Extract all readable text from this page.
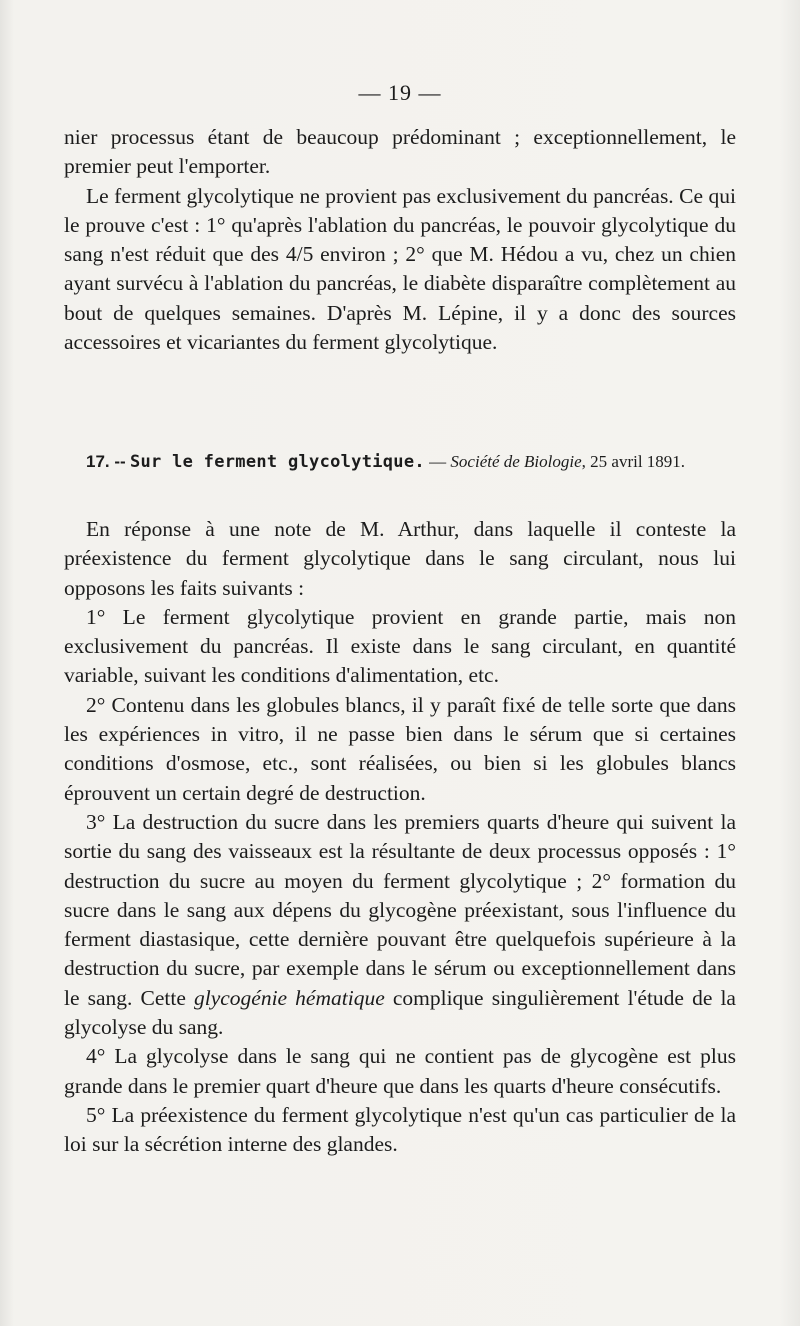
— 19 —

nier processus étant de beaucoup prédominant ; exceptionnellement, le premier peut l'emporter.

Le ferment glycolytique ne provient pas exclusivement du pancréas. Ce qui le prouve c'est : 1° qu'après l'ablation du pancréas, le pouvoir glycolytique du sang n'est réduit que des 4/5 environ ; 2° que M. Hédou a vu, chez un chien ayant survécu à l'ablation du pancréas, le diabète disparaître complètement au bout de quelques semaines. D'après M. Lépine, il y a donc des sources accessoires et vicariantes du ferment glycolytique.

17. -- Sur le ferment glycolytique. — Société de Biologie, 25 avril 1891.

En réponse à une note de M. Arthur, dans laquelle il conteste la préexistence du ferment glycolytique dans le sang circulant, nous lui opposons les faits suivants :

1° Le ferment glycolytique provient en grande partie, mais non exclusivement du pancréas. Il existe dans le sang circulant, en quantité variable, suivant les conditions d'alimentation, etc.

2° Contenu dans les globules blancs, il y paraît fixé de telle sorte que dans les expériences in vitro, il ne passe bien dans le sérum que si certaines conditions d'osmose, etc., sont réalisées, ou bien si les globules blancs éprouvent un certain degré de destruction.

3° La destruction du sucre dans les premiers quarts d'heure qui suivent la sortie du sang des vaisseaux est la résultante de deux processus opposés : 1° destruction du sucre au moyen du ferment glycolytique ; 2° formation du sucre dans le sang aux dépens du glycogène préexistant, sous l'influence du ferment diastasique, cette dernière pouvant être quelquefois supérieure à la destruction du sucre, par exemple dans le sérum ou exceptionnellement dans le sang. Cette glycogénie hématique complique singulièrement l'étude de la glycolyse du sang.

4° La glycolyse dans le sang qui ne contient pas de glycogène est plus grande dans le premier quart d'heure que dans les quarts d'heure consécutifs.

5° La préexistence du ferment glycolytique n'est qu'un cas particulier de la loi sur la sécrétion interne des glandes.
